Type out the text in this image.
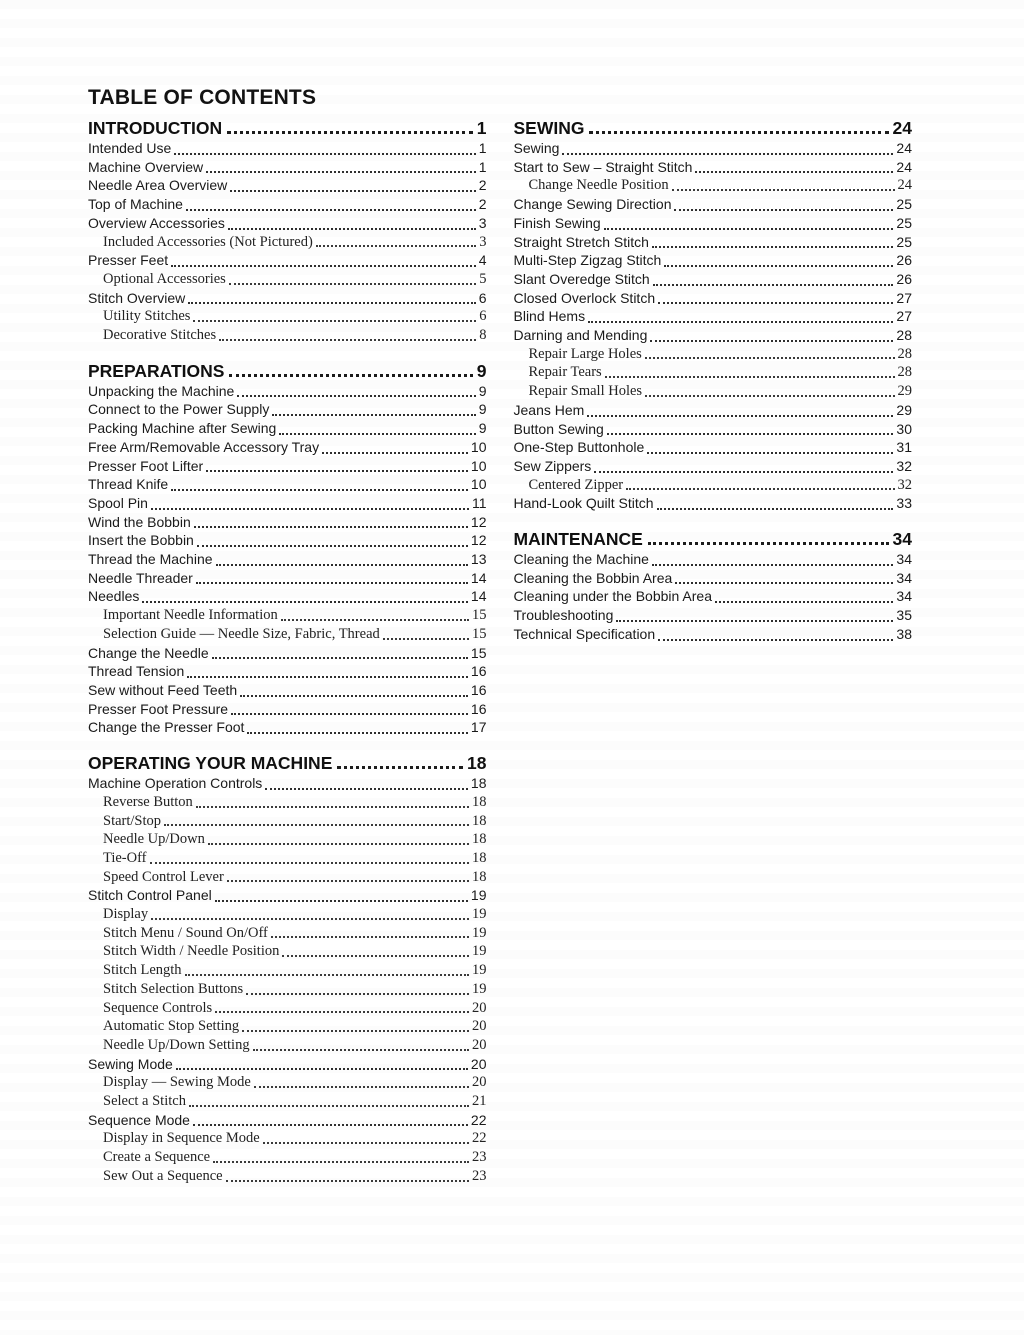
TABLE OF CONTENTS
INTRODUCTION	1
Intended Use	1
Machine Overview	1
Needle Area Overview	2
Top of Machine	2
Overview Accessories	3
Included Accessories (Not Pictured)	3
Presser Feet	4
Optional Accessories	5
Stitch Overview	6
Utility Stitches	6
Decorative Stitches	8
PREPARATIONS	9
Unpacking the Machine	9
Connect to the Power Supply	9
Packing Machine after Sewing	9
Free Arm/Removable Accessory Tray	10
Presser Foot Lifter	10
Thread Knife	10
Spool Pin	11
Wind the Bobbin	12
Insert the Bobbin	12
Thread the Machine	13
Needle Threader	14
Needles	14
Important Needle Information	15
Selection Guide — Needle Size, Fabric, Thread	15
Change the Needle	15
Thread Tension	16
Sew without Feed Teeth	16
Presser Foot Pressure	16
Change the Presser Foot	17
OPERATING YOUR MACHINE	18
Machine Operation Controls	18
Reverse Button	18
Start/Stop	18
Needle Up/Down	18
Tie-Off	18
Speed Control Lever	18
Stitch Control Panel	19
Display	19
Stitch Menu / Sound On/Off	19
Stitch Width / Needle Position	19
Stitch Length	19
Stitch Selection Buttons	19
Sequence Controls	20
Automatic Stop Setting	20
Needle Up/Down Setting	20
Sewing Mode	20
Display — Sewing Mode	20
Select a Stitch	21
Sequence Mode	22
Display in Sequence Mode	22
Create a Sequence	23
Sew Out a Sequence	23
SEWING	24
Sewing	24
Start to Sew – Straight Stitch	24
Change Needle Position	24
Change Sewing Direction	25
Finish Sewing	25
Straight Stretch Stitch	25
Multi-Step Zigzag Stitch	26
Slant Overedge Stitch	26
Closed Overlock Stitch	27
Blind Hems	27
Darning and Mending	28
Repair Large Holes	28
Repair Tears	28
Repair Small Holes	29
Jeans Hem	29
Button Sewing	30
One-Step Buttonhole	31
Sew Zippers	32
Centered Zipper	32
Hand-Look Quilt Stitch	33
MAINTENANCE	34
Cleaning the Machine	34
Cleaning the Bobbin Area	34
Cleaning under the Bobbin Area	34
Troubleshooting	35
Technical Specification	38
